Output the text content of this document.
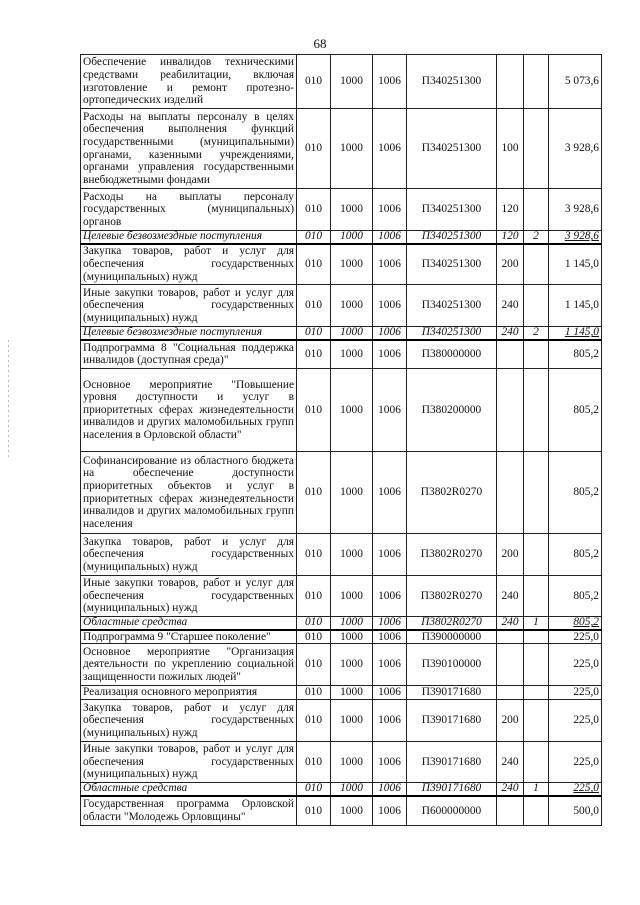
68
Обеспечение инвалидов техническими средствами реабилитации, включая изготовление и ремонт протезно-ортопедических изделий	010	1000	1006	П340251300			5 073,6
Расходы на выплаты персоналу в целях обеспечения выполнения функций государственными (муниципальными) органами, казенными учреждениями, органами управления государственными внебюджетными фондами	010	1000	1006	П340251300	100		3 928,6
Расходы на выплаты персоналу государственных (муниципальных) органов	010	1000	1006	П340251300	120		3 928,6
Целевые безвозмездные поступления	010	1000	1006	П340251300	120	2	3 928,6
Закупка товаров, работ и услуг для обеспечения государственных (муниципальных) нужд	010	1000	1006	П340251300	200		1 145,0
Иные закупки товаров, работ и услуг для обеспечения государственных (муниципальных) нужд	010	1000	1006	П340251300	240		1 145,0
Целевые безвозмездные поступления	010	1000	1006	П340251300	240	2	1 145,0
Подпрограмма 8 "Социальная поддержка инвалидов (доступная среда)"	010	1000	1006	П380000000			805,2
Основное мероприятие "Повышение уровня доступности и услуг в приоритетных сферах жизнедеятельности инвалидов и других маломобильных групп населения в Орловской области"	010	1000	1006	П380200000			805,2
Софинансирование из областного бюджета на обеспечение доступности приоритетных объектов и услуг в приоритетных сферах жизнедеятельности инвалидов и других маломобильных групп населения	010	1000	1006	П3802R0270			805,2
Закупка товаров, работ и услуг для обеспечения государственных (муниципальных) нужд	010	1000	1006	П3802R0270	200		805,2
Иные закупки товаров, работ и услуг для обеспечения государственных (муниципальных) нужд	010	1000	1006	П3802R0270	240		805,2
Областные средства	010	1000	1006	П3802R0270	240	1	805,2
Подпрограмма 9 "Старшее поколение"	010	1000	1006	П390000000			225,0
Основное мероприятие "Организация деятельности по укреплению социальной защищенности пожилых людей"	010	1000	1006	П390100000			225,0
Реализация основного мероприятия	010	1000	1006	П390171680			225,0
Закупка товаров, работ и услуг для обеспечения государственных (муниципальных) нужд	010	1000	1006	П390171680	200		225,0
Иные закупки товаров, работ и услуг для обеспечения государственных (муниципальных) нужд	010	1000	1006	П390171680	240		225,0
Областные средства	010	1000	1006	П390171680	240	1	225,0
Государственная программа Орловской области "Молодежь Орловщины"	010	1000	1006	П600000000			500,0
